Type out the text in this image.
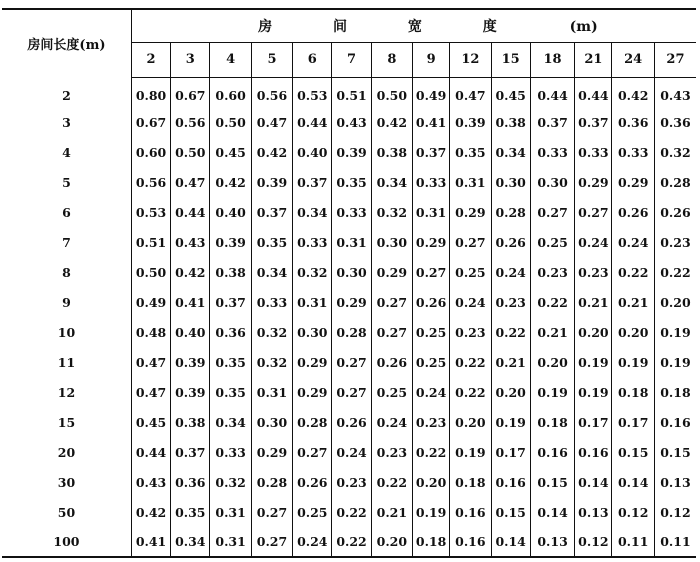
房间长度(m)	房 间 宽 度 (m)													
	2	3	4	5	6	7	8	9	12	15	18	21	24	27
2	0.80	0.67	0.60	0.56	0.53	0.51	0.50	0.49	0.47	0.45	0.44	0.44	0.42	0.43
3	0.67	0.56	0.50	0.47	0.44	0.43	0.42	0.41	0.39	0.38	0.37	0.37	0.36	0.36
4	0.60	0.50	0.45	0.42	0.40	0.39	0.38	0.37	0.35	0.34	0.33	0.33	0.33	0.32
5	0.56	0.47	0.42	0.39	0.37	0.35	0.34	0.33	0.31	0.30	0.30	0.29	0.29	0.28
6	0.53	0.44	0.40	0.37	0.34	0.33	0.32	0.31	0.29	0.28	0.27	0.27	0.26	0.26
7	0.51	0.43	0.39	0.35	0.33	0.31	0.30	0.29	0.27	0.26	0.25	0.24	0.24	0.23
8	0.50	0.42	0.38	0.34	0.32	0.30	0.29	0.27	0.25	0.24	0.23	0.23	0.22	0.22
9	0.49	0.41	0.37	0.33	0.31	0.29	0.27	0.26	0.24	0.23	0.22	0.21	0.21	0.20
10	0.48	0.40	0.36	0.32	0.30	0.28	0.27	0.25	0.23	0.22	0.21	0.20	0.20	0.19
11	0.47	0.39	0.35	0.32	0.29	0.27	0.26	0.25	0.22	0.21	0.20	0.19	0.19	0.19
12	0.47	0.39	0.35	0.31	0.29	0.27	0.25	0.24	0.22	0.20	0.19	0.19	0.18	0.18
15	0.45	0.38	0.34	0.30	0.28	0.26	0.24	0.23	0.20	0.19	0.18	0.17	0.17	0.16
20	0.44	0.37	0.33	0.29	0.27	0.24	0.23	0.22	0.19	0.17	0.16	0.16	0.15	0.15
30	0.43	0.36	0.32	0.28	0.26	0.23	0.22	0.20	0.18	0.16	0.15	0.14	0.14	0.13
50	0.42	0.35	0.31	0.27	0.25	0.22	0.21	0.19	0.16	0.15	0.14	0.13	0.12	0.12
100	0.41	0.34	0.31	0.27	0.24	0.22	0.20	0.18	0.16	0.14	0.13	0.12	0.11	0.11
